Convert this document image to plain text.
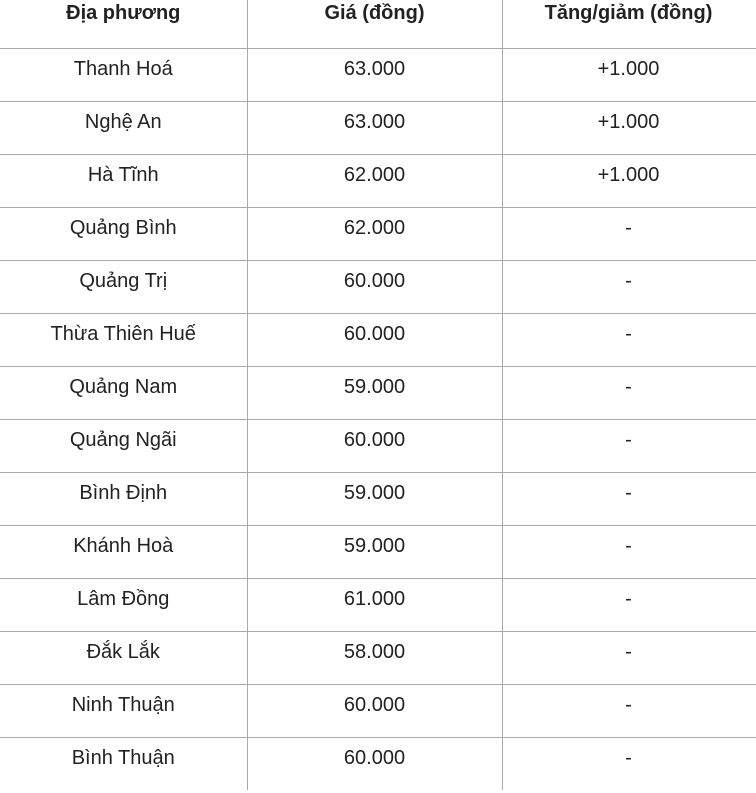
Địa phương	Giá (đồng)	Tăng/giảm (đồng)
Thanh Hoá	63.000	+1.000
Nghệ An	63.000	+1.000
Hà Tĩnh	62.000	+1.000
Quảng Bình	62.000	-
Quảng Trị	60.000	-
Thừa Thiên Huế	60.000	-
Quảng Nam	59.000	-
Quảng Ngãi	60.000	-
Bình Định	59.000	-
Khánh Hoà	59.000	-
Lâm Đồng	61.000	-
Đắk Lắk	58.000	-
Ninh Thuận	60.000	-
Bình Thuận	60.000	-
